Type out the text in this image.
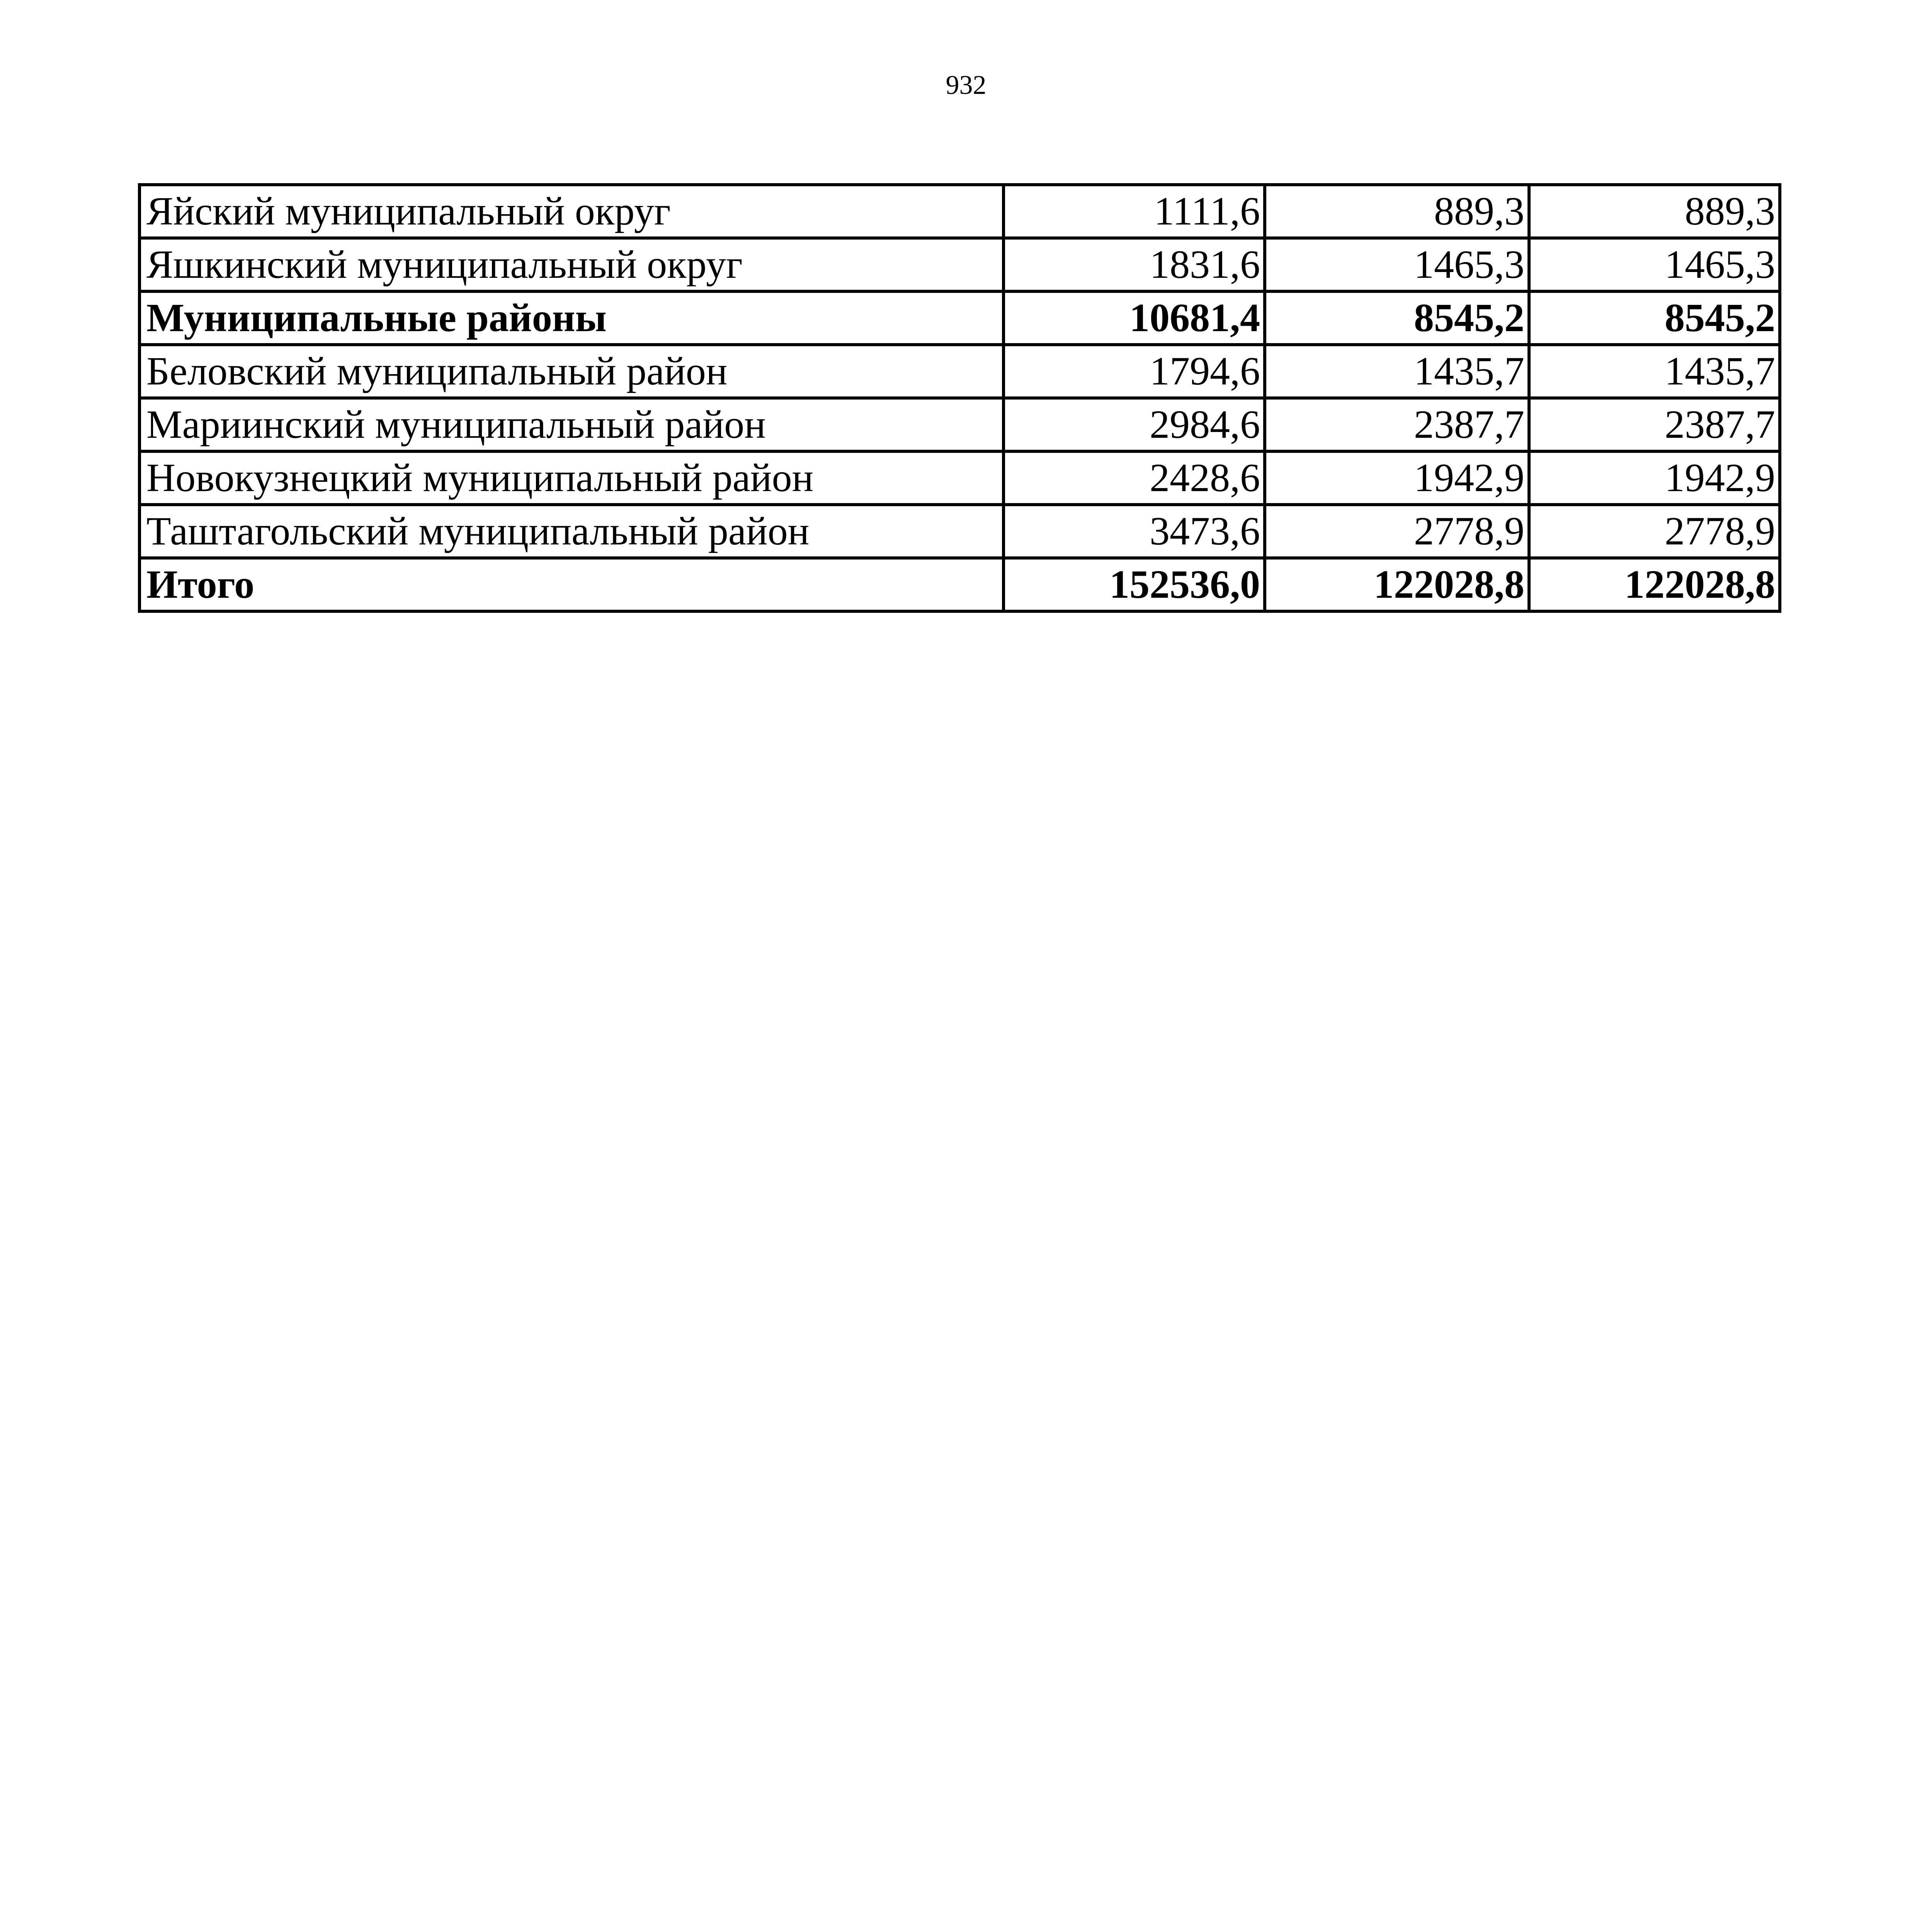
932
Яйский муниципальный округ	1111,6	889,3	889,3
Яшкинский муниципальный округ	1831,6	1465,3	1465,3
Муниципальные районы	10681,4	8545,2	8545,2
Беловский муниципальный район	1794,6	1435,7	1435,7
Мариинский муниципальный район	2984,6	2387,7	2387,7
Новокузнецкий муниципальный район	2428,6	1942,9	1942,9
Таштагольский муниципальный район	3473,6	2778,9	2778,9
Итого	152536,0	122028,8	122028,8
